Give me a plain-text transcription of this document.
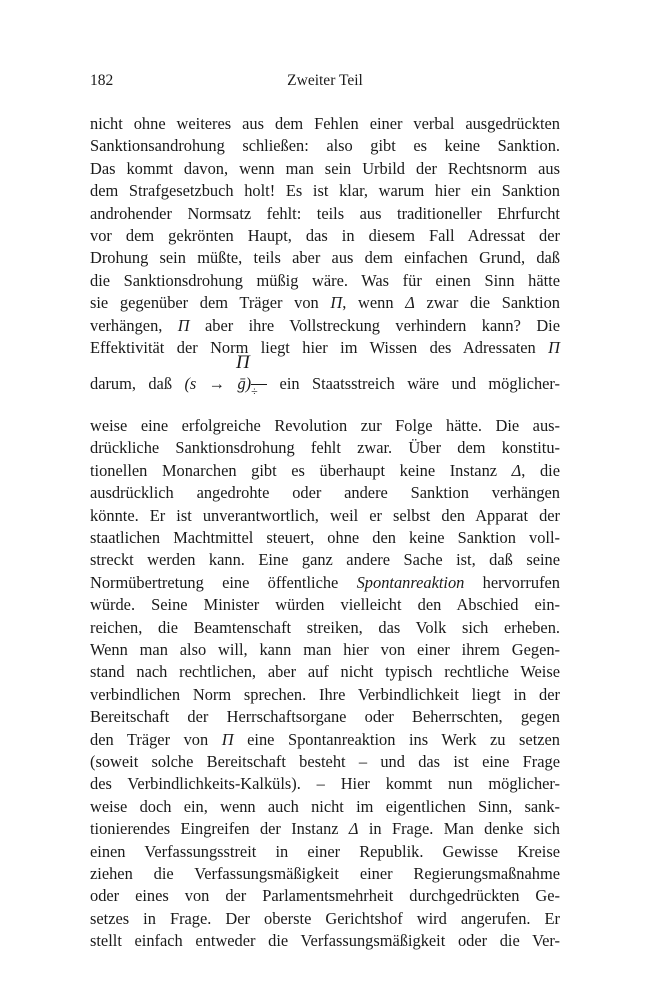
182	Zweiter Teil
nicht ohne weiteres aus dem Fehlen einer verbal ausgedrückten
Sanktionsandrohung schließen: also gibt es keine Sanktion.
Das kommt davon, wenn man sein Urbild der Rechtsnorm aus
dem Strafgesetzbuch holt! Es ist klar, warum hier ein Sanktion
androhender Normsatz fehlt: teils aus traditioneller Ehrfurcht
vor dem gekrönten Haupt, das in diesem Fall Adressat der
Drohung sein müßte, teils aber aus dem einfachen Grund, daß
die Sanktionsdrohung müßig wäre. Was für einen Sinn hätte
sie gegenüber dem Träger von Π, wenn Δ zwar die Sanktion
verhängen, Π aber ihre Vollstreckung verhindern kann? Die
Effektivität der Norm liegt hier im Wissen des Adressaten Π
Π
darum, daß (s → ḡ) ÷	ein Staatsstreich wäre und möglicher-
weise eine erfolgreiche Revolution zur Folge hätte. Die aus-
drückliche Sanktionsdrohung fehlt zwar. Über dem konstitu-
tionellen Monarchen gibt es überhaupt keine Instanz Δ, die
ausdrücklich angedrohte oder andere Sanktion verhängen
könnte. Er ist unverantwortlich, weil er selbst den Apparat der
staatlichen Machtmittel steuert, ohne den keine Sanktion voll-
streckt werden kann. Eine ganz andere Sache ist, daß seine
Normübertretung eine öffentliche Spontanreaktion hervorrufen
würde. Seine Minister würden vielleicht den Abschied ein-
reichen, die Beamtenschaft streiken, das Volk sich erheben.
Wenn man also will, kann man hier von einer ihrem Gegen-
stand nach rechtlichen, aber auf nicht typisch rechtliche Weise
verbindlichen Norm sprechen. Ihre Verbindlichkeit liegt in der
Bereitschaft der Herrschaftsorgane oder Beherrschten, gegen
den Träger von Π eine Spontanreaktion ins Werk zu setzen
(soweit solche Bereitschaft besteht – und das ist eine Frage
des Verbindlichkeits-Kalküls). – Hier kommt nun möglicher-
weise doch ein, wenn auch nicht im eigentlichen Sinn, sank-
tionierendes Eingreifen der Instanz Δ in Frage. Man denke sich
einen Verfassungsstreit in einer Republik. Gewisse Kreise
ziehen die Verfassungsmäßigkeit einer Regierungsmaßnahme
oder eines von der Parlamentsmehrheit durchgedrückten Ge-
setzes in Frage. Der oberste Gerichtshof wird angerufen. Er
stellt einfach entweder die Verfassungsmäßigkeit oder die Ver-
